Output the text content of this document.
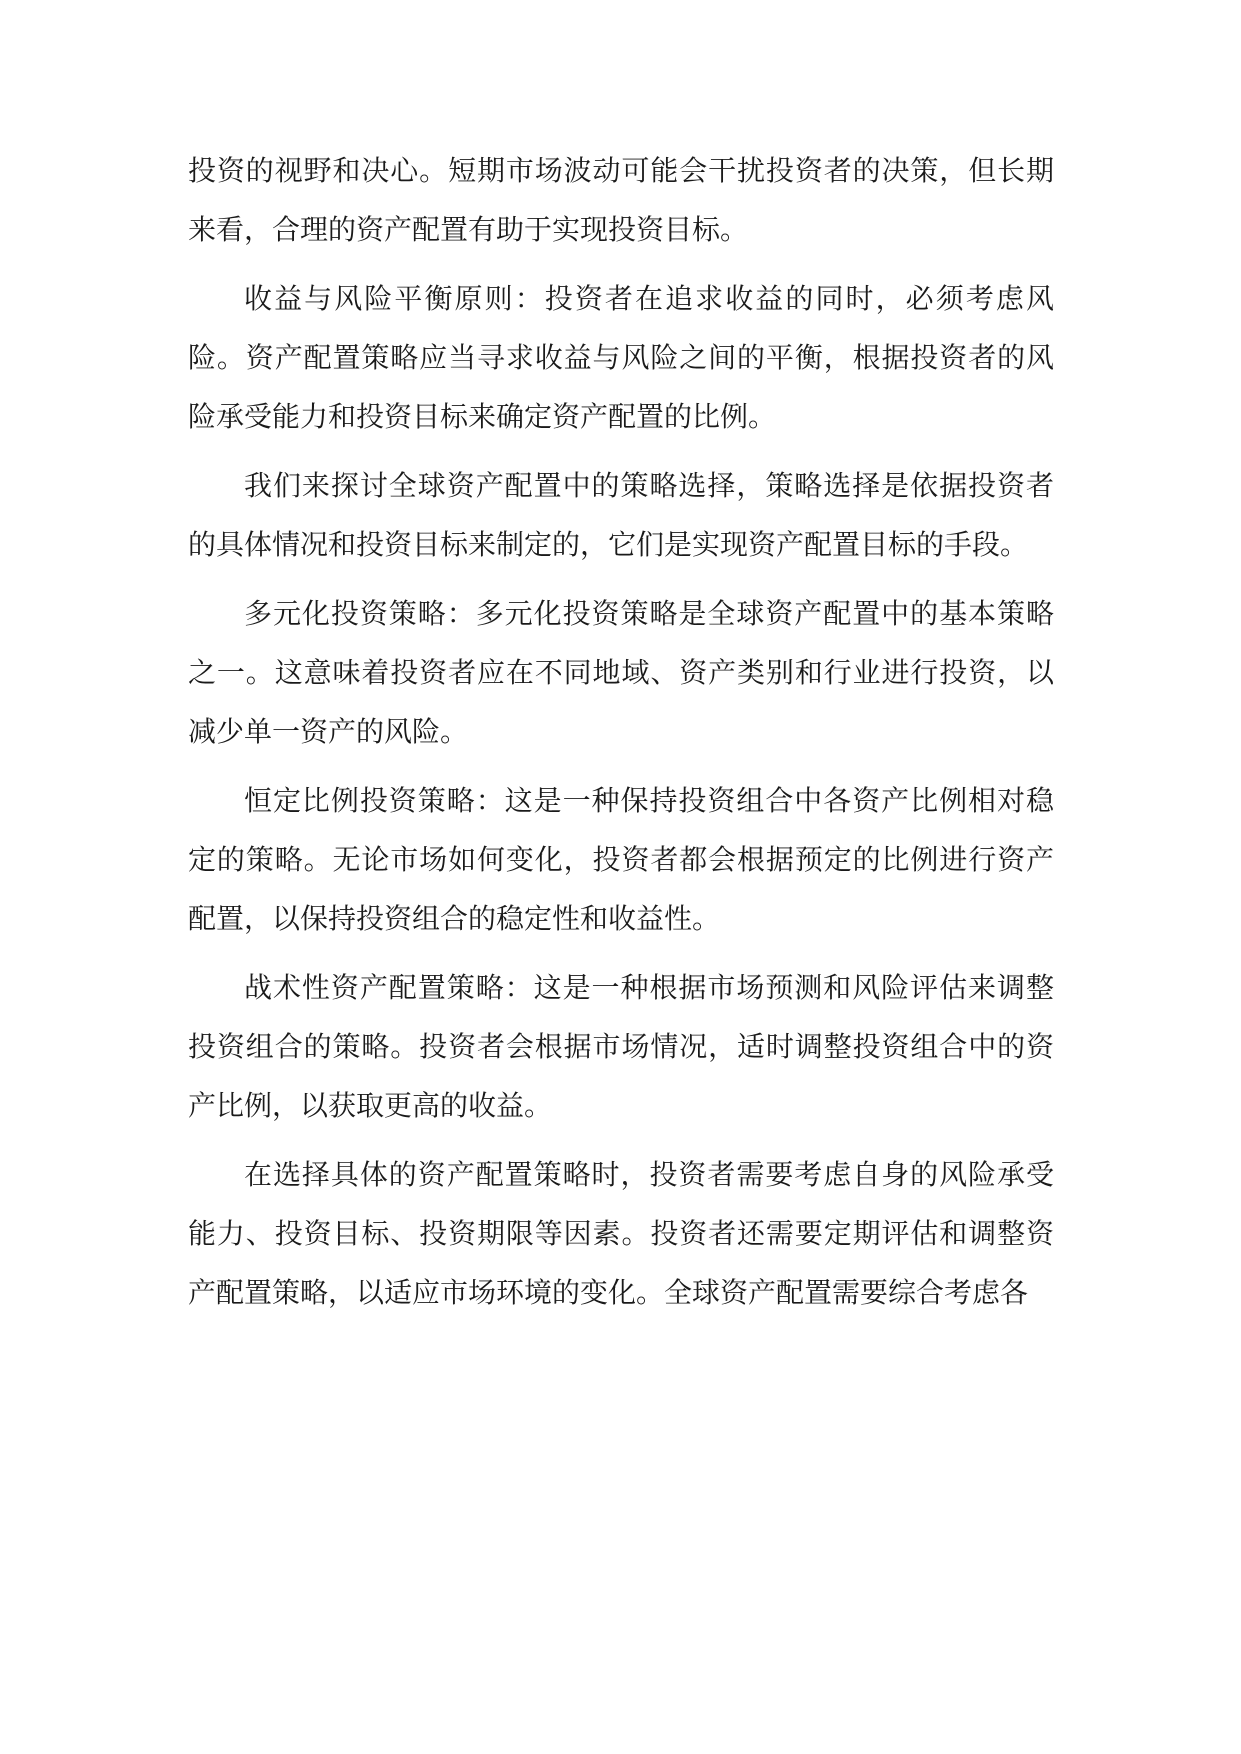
投资的视野和决心。短期市场波动可能会干扰投资者的决策，但长期来看，合理的资产配置有助于实现投资目标。

收益与风险平衡原则：投资者在追求收益的同时，必须考虑风险。资产配置策略应当寻求收益与风险之间的平衡，根据投资者的风险承受能力和投资目标来确定资产配置的比例。

我们来探讨全球资产配置中的策略选择，策略选择是依据投资者的具体情况和投资目标来制定的，它们是实现资产配置目标的手段。

多元化投资策略：多元化投资策略是全球资产配置中的基本策略之一。这意味着投资者应在不同地域、资产类别和行业进行投资，以减少单一资产的风险。

恒定比例投资策略：这是一种保持投资组合中各资产比例相对稳定的策略。无论市场如何变化，投资者都会根据预定的比例进行资产配置，以保持投资组合的稳定性和收益性。

战术性资产配置策略：这是一种根据市场预测和风险评估来调整投资组合的策略。投资者会根据市场情况，适时调整投资组合中的资产比例，以获取更高的收益。

在选择具体的资产配置策略时，投资者需要考虑自身的风险承受能力、投资目标、投资期限等因素。投资者还需要定期评估和调整资产配置策略，以适应市场环境的变化。全球资产配置需要综合考虑各
